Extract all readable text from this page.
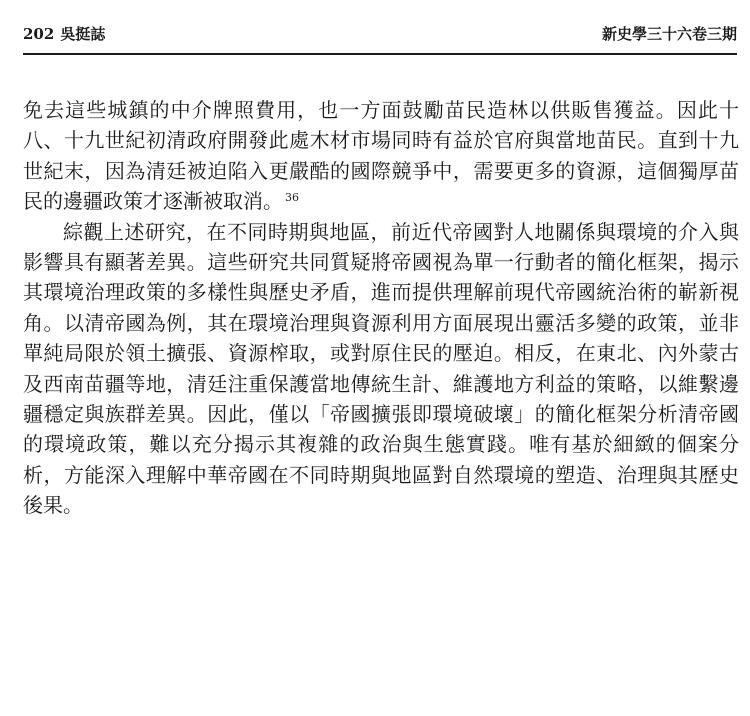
202 吳挺誌	新史學三十六卷三期

免去這些城鎮的中介牌照費用，也一方面鼓勵苗民造林以供販售獲益。因此十八、十九世紀初清政府開發此處木材市場同時有益於官府與當地苗民。直到十九世紀末，因為清廷被迫陷入更嚴酷的國際競爭中，需要更多的資源，這個獨厚苗民的邊疆政策才逐漸被取消。 $^{36}$

綜觀上述研究，在不同時期與地區，前近代帝國對人地關係與環境的介入與影響具有顯著差異。這些研究共同質疑將帝國視為單一行動者的簡化框架，揭示其環境治理政策的多樣性與歷史矛盾，進而提供理解前現代帝國統治術的嶄新視角。以清帝國為例，其在環境治理與資源利用方面展現出靈活多變的政策，並非單純局限於領土擴張、資源榨取，或對原住民的壓迫。相反，在東北、內外蒙古及西南苗疆等地，清廷注重保護當地傳統生計、維護地方利益的策略，以維繫邊疆穩定與族群差異。因此，僅以「帝國擴張即環境破壞」的簡化框架分析清帝國的環境政策，難以充分揭示其複雜的政治與生態實踐。唯有基於細緻的個案分析，方能深入理解中華帝國在不同時期與地區對自然環境的塑造、治理與其歷史後果。
